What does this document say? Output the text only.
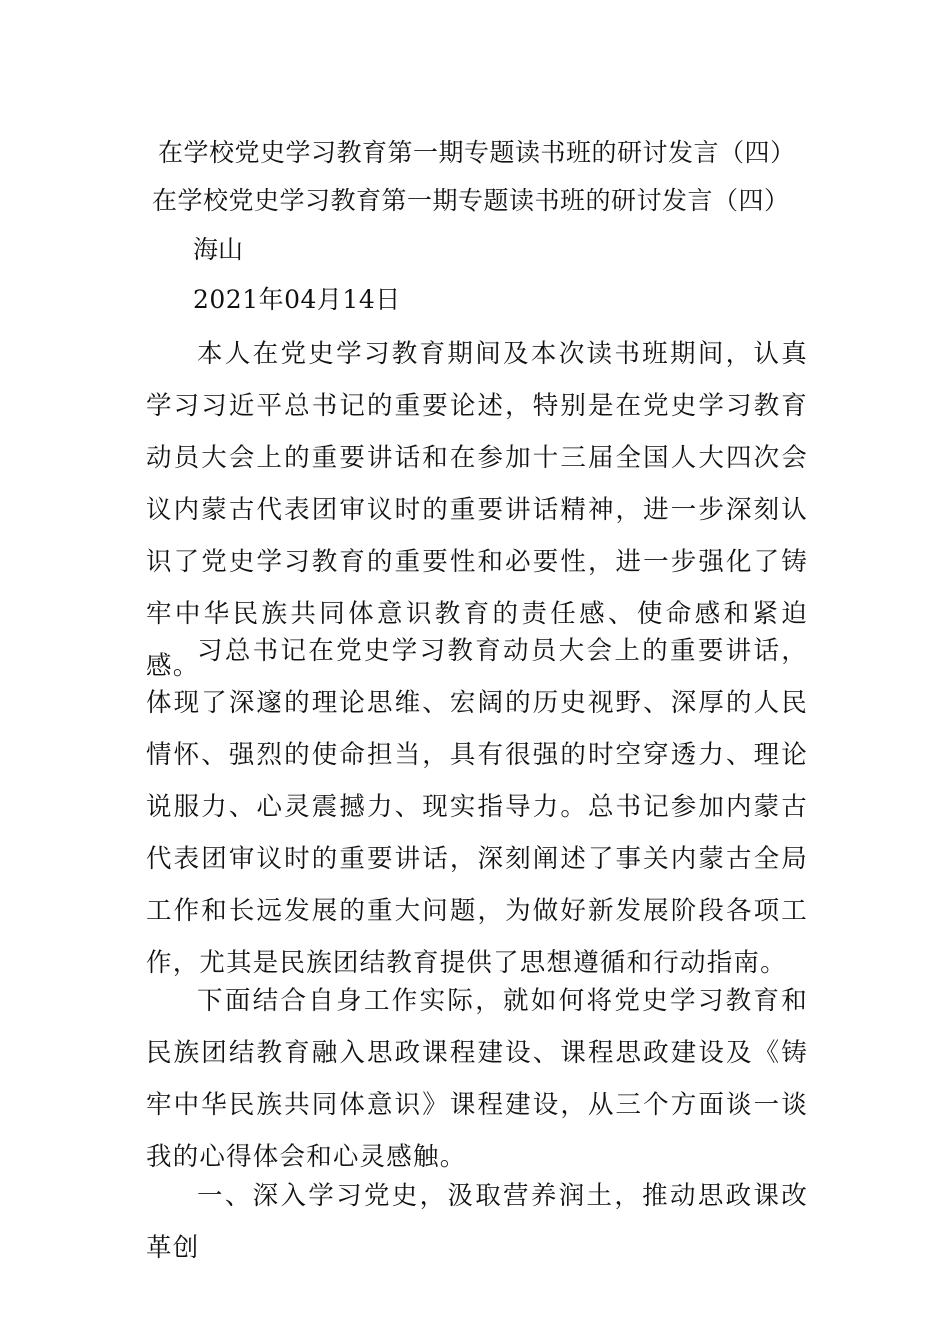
在学校党史学习教育第一期专题读书班的研讨发言（四）
在学校党史学习教育第一期专题读书班的研讨发言（四）
海山
2021年04月14日

本人在党史学习教育期间及本次读书班期间，认真学习习近平总书记的重要论述，特别是在党史学习教育动员大会上的重要讲话和在参加十三届全国人大四次会议内蒙古代表团审议时的重要讲话精神，进一步深刻认识了党史学习教育的重要性和必要性，进一步强化了铸牢中华民族共同体意识教育的责任感、使命感和紧迫感。

习总书记在党史学习教育动员大会上的重要讲话，体现了深邃的理论思维、宏阔的历史视野、深厚的人民情怀、强烈的使命担当，具有很强的时空穿透力、理论说服力、心灵震撼力、现实指导力。总书记参加内蒙古代表团审议时的重要讲话，深刻阐述了事关内蒙古全局工作和长远发展的重大问题，为做好新发展阶段各项工作，尤其是民族团结教育提供了思想遵循和行动指南。

下面结合自身工作实际，就如何将党史学习教育和民族团结教育融入思政课程建设、课程思政建设及《铸牢中华民族共同体意识》课程建设，从三个方面谈一谈我的心得体会和心灵感触。

一、深入学习党史，汲取营养润土，推动思政课改革创
